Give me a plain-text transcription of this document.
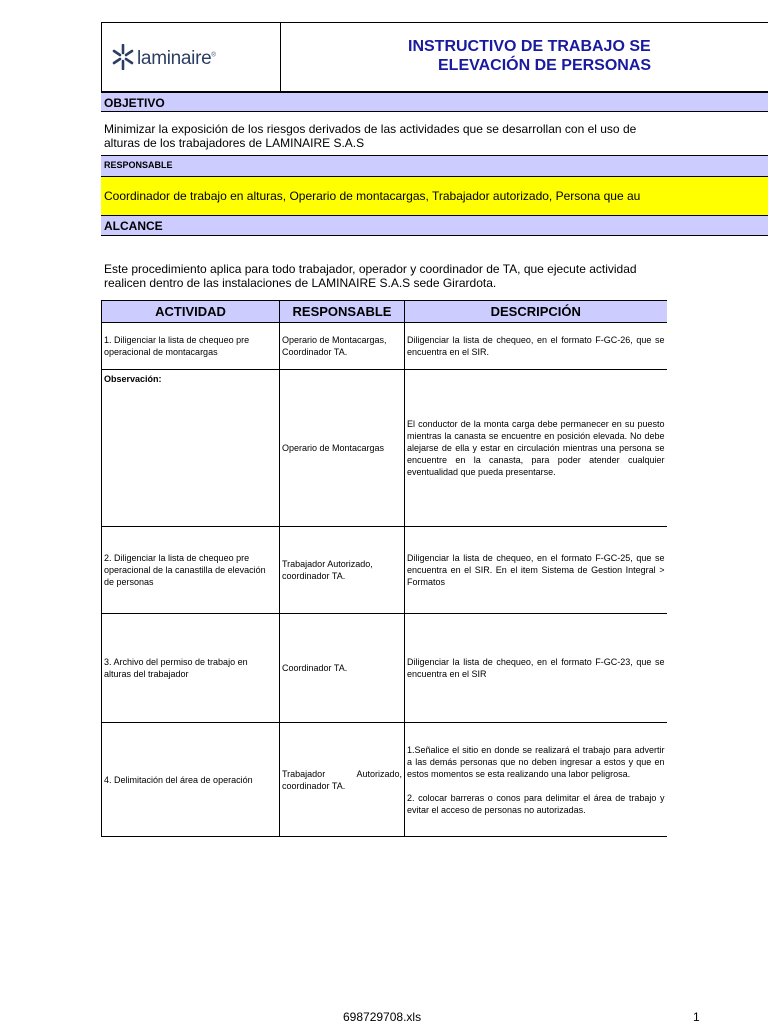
laminaire®
INSTRUCTIVO DE TRABAJO SE
ELEVACIÓN DE PERSONAS
OBJETIVO
Minimizar la exposición de los riesgos derivados de las actividades que se desarrollan con el uso de
alturas de los trabajadores de LAMINAIRE S.A.S
RESPONSABLE
Coordinador de trabajo en alturas, Operario de montacargas, Trabajador autorizado, Persona que au
ALCANCE
Este procedimiento aplica para todo trabajador, operador y coordinador de TA, que ejecute actividad
realicen dentro de las instalaciones de LAMINAIRE S.A.S sede Girardota.
ACTIVIDAD	RESPONSABLE	DESCRIPCIÓN
1. Diligenciar la lista de chequeo pre operacional de montacargas	Operario de Montacargas, Coordinador TA.	Diligenciar la lista de chequeo, en el formato F-GC-26, que se encuentra en el SIR.
Observación:	Operario de Montacargas	El conductor de la monta carga debe permanecer en su puesto mientras la canasta se encuentre en posición elevada. No debe alejarse de ella y estar en circulación mientras una persona se encuentre en la canasta, para poder atender cualquier eventualidad que pueda presentarse.
2. Diligenciar la lista de chequeo pre operacional de la canastilla de elevación de personas	Trabajador Autorizado, coordinador TA.	Diligenciar la lista de chequeo, en el formato F-GC-25, que se encuentra en el SIR. En el item Sistema de Gestion Integral > Formatos
3. Archivo del permiso de trabajo en alturas del trabajador	Coordinador TA.	Diligenciar la lista de chequeo, en el formato F-GC-23, que se encuentra en el SIR
4. Delimitación del área de operación	Trabajador Autorizado, coordinador TA.	1.Señalice el sitio en donde se realizará el trabajo para advertir a las demás personas que no deben ingresar a estos y que en estos momentos se esta realizando una labor peligrosa.
2. colocar barreras o conos para delimitar el área de trabajo y evitar el acceso de personas no autorizadas.
698729708.xls	1
